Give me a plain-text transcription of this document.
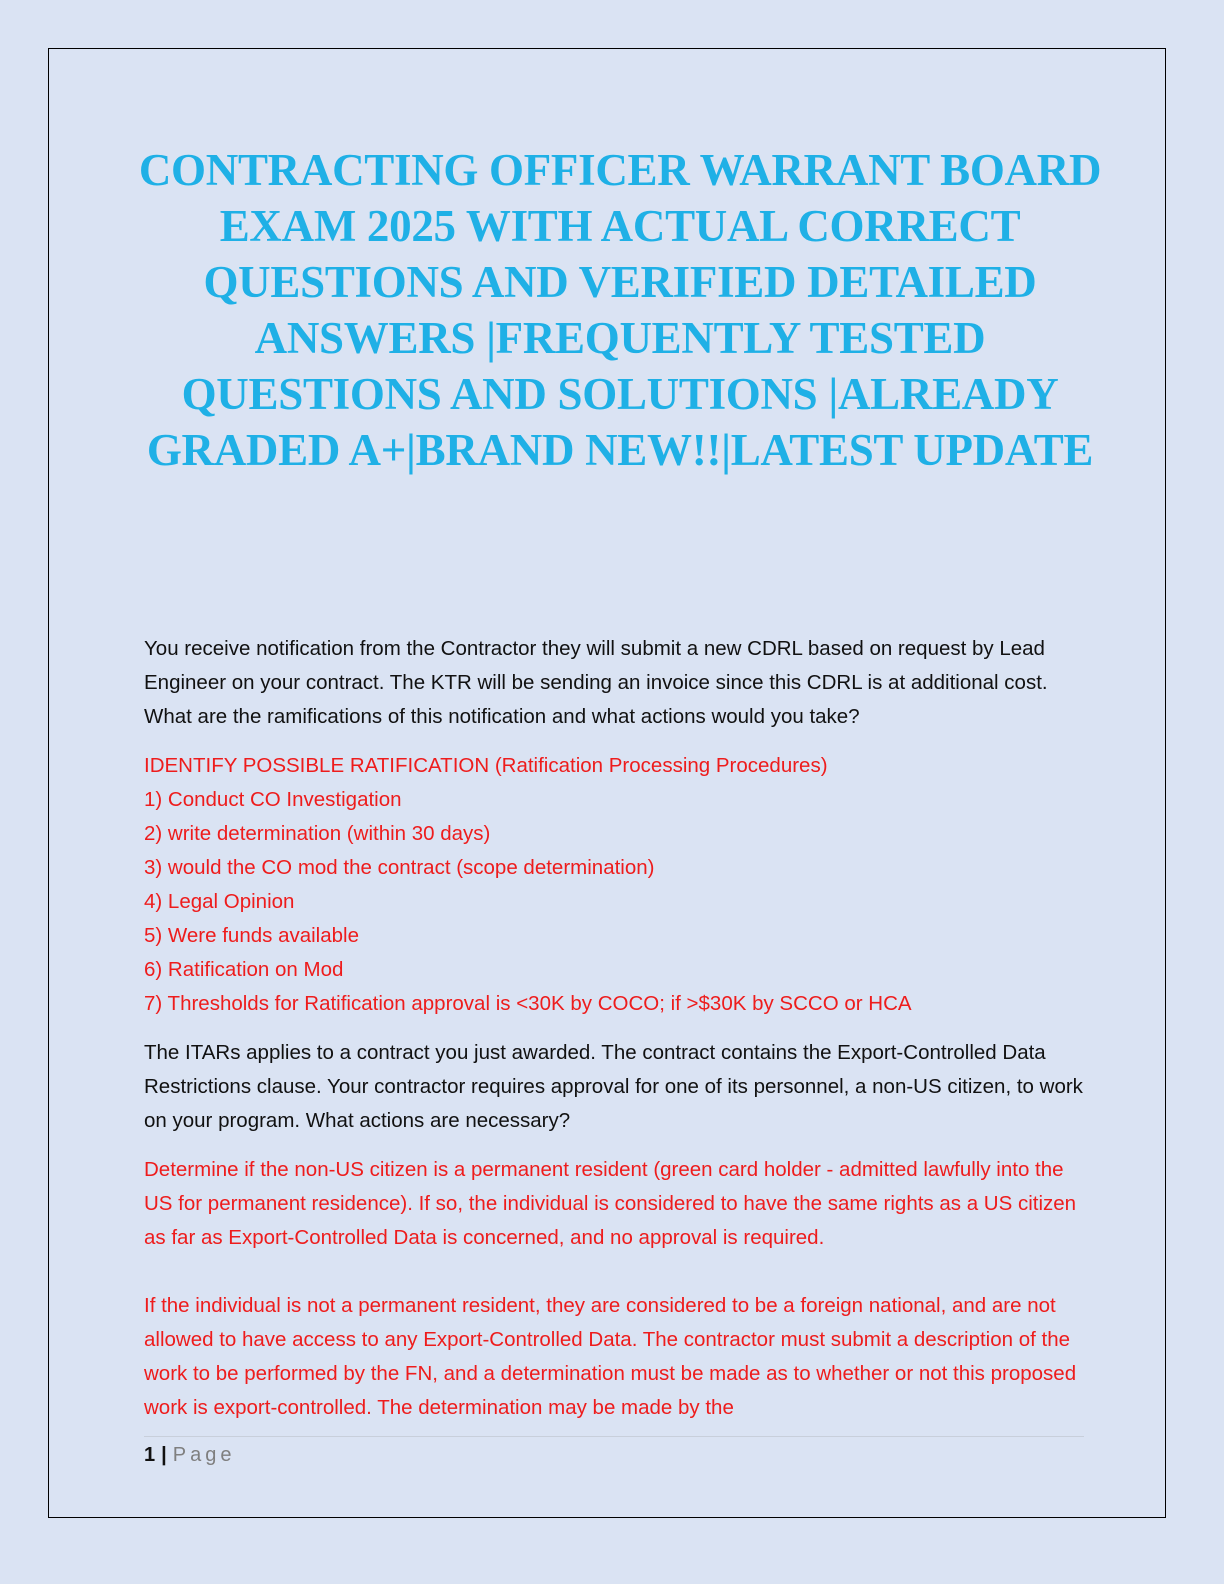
CONTRACTING OFFICER WARRANT BOARD EXAM 2025 WITH ACTUAL CORRECT QUESTIONS AND VERIFIED DETAILED ANSWERS |FREQUENTLY TESTED QUESTIONS AND SOLUTIONS |ALREADY GRADED A+|BRAND NEW!!|LATEST UPDATE

You receive notification from the Contractor they will submit a new CDRL based on request by Lead Engineer on your contract. The KTR will be sending an invoice since this CDRL is at additional cost. What are the ramifications of this notification and what actions would you take?

IDENTIFY POSSIBLE RATIFICATION (Ratification Processing Procedures)
1) Conduct CO Investigation
2) write determination (within 30 days)
3) would the CO mod the contract (scope determination)
4) Legal Opinion
5) Were funds available
6) Ratification on Mod
7) Thresholds for Ratification approval is <30K by COCO; if >$30K by SCCO or HCA

The ITARs applies to a contract you just awarded. The contract contains the Export-Controlled Data Restrictions clause. Your contractor requires approval for one of its personnel, a non-US citizen, to work on your program. What actions are necessary?

Determine if the non-US citizen is a permanent resident (green card holder - admitted lawfully into the US for permanent residence). If so, the individual is considered to have the same rights as a US citizen as far as Export-Controlled Data is concerned, and no approval is required.
If the individual is not a permanent resident, they are considered to be a foreign national, and are not allowed to have access to any Export-Controlled Data. The contractor must submit a description of the work to be performed by the FN, and a determination must be made as to whether or not this proposed work is export-controlled. The determination may be made by the
1 | Page
